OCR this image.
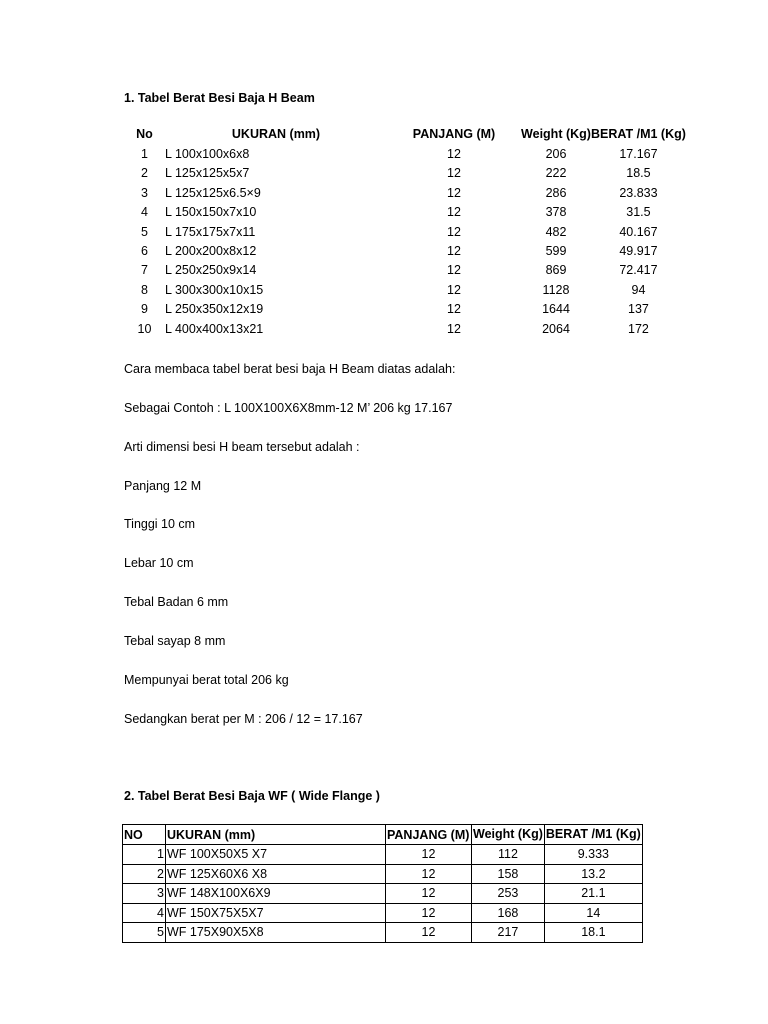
1. Tabel Berat Besi Baja H Beam
No	UKURAN (mm)	PANJANG (M)	Weight (Kg)	BERAT /M1 (Kg)

1	L 100x100x6x8	12	206	17.167
2	L 125x125x5x7	12	222	18.5
3	L 125x125x6.5×9	12	286	23.833
4	L 150x150x7x10	12	378	31.5
5	L 175x175x7x11	12	482	40.167
6	L 200x200x8x12	12	599	49.917
7	L 250x250x9x14	12	869	72.417
8	L 300x300x10x15	12	1128	94
9	L 250x350x12x19	12	1644	137
10	L 400x400x13x21	12	2064	172
Cara membaca tabel berat besi baja H Beam diatas adalah:
Sebagai Contoh : L 100X100X6X8mm-12 M’ 206 kg 17.167
Arti dimensi besi H beam tersebut adalah :
Panjang 12 M
Tinggi 10 cm
Lebar 10 cm
Tebal Badan 6 mm
Tebal sayap 8 mm
Mempunyai berat total 206 kg
Sedangkan berat per M : 206 / 12 = 17.167
2. Tabel Berat Besi Baja WF ( Wide Flange )
NO	UKURAN (mm)	PANJANG (M)	Weight (Kg)	BERAT /M1 (Kg)

1	WF 100X50X5 X7	12	112	9.333
2	WF 125X60X6 X8	12	158	13.2
3	WF 148X100X6X9	12	253	21.1
4	WF 150X75X5X7	12	168	14
5	WF 175X90X5X8	12	217	18.1
